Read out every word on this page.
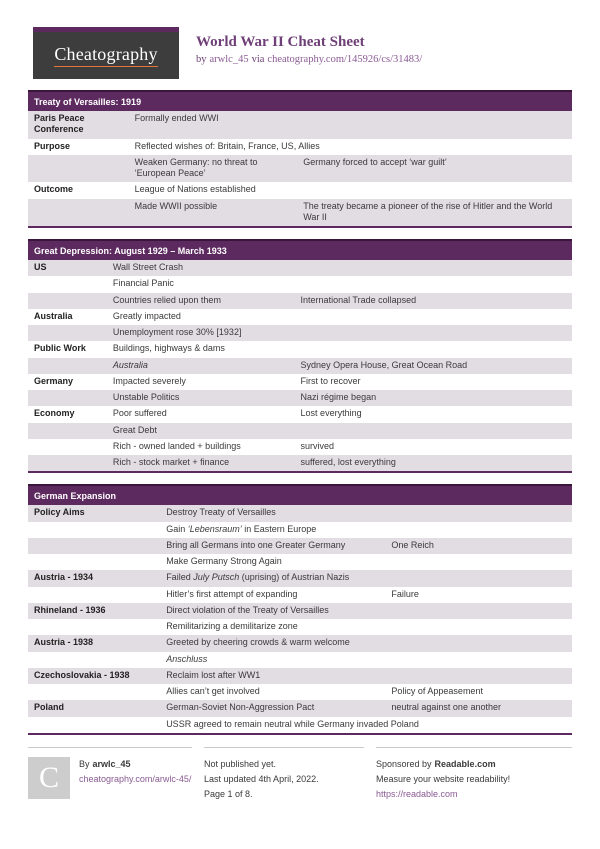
Cheatography
World War II Cheat Sheet
by arwlc_45 via cheatography.com/145926/cs/31483/
Treaty of Versailles: 1919		
Paris Peace Conference	Formally ended WWI	
Purpose	Reflected wishes of: Britain, France, US, Allies	
	Weaken Germany: no threat to ‘European Peace’	Germany forced to accept ‘war guilt’
Outcome	League of Nations established	
	Made WWII possible	The treaty became a pioneer of the rise of Hitler and the World War II
Great Depression: August 1929 – March 1933		
US	Wall Street Crash	
	Financial Panic	
	Countries relied upon them	International Trade collapsed
Australia	Greatly impacted	
	Unemployment rose 30% [1932]	
Public Work	Buildings, highways & dams	
	Australia	Sydney Opera House, Great Ocean Road
Germany	Impacted severely	First to recover
	Unstable Politics	Nazi régime began
Economy	Poor suffered	Lost everything
	Great Debt	
	Rich - owned landed + buildings	survived
	Rich - stock market + finance	suffered, lost everything
German Expansion		
Policy Aims	Destroy Treaty of Versailles	
	Gain ‘Lebensraum’ in Eastern Europe	
	Bring all Germans into one Greater Germany	One Reich
	Make Germany Strong Again	
Austria - 1934	Failed July Putsch (uprising) of Austrian Nazis	
	Hitler’s first attempt of expanding	Failure
Rhineland - 1936	Direct violation of the Treaty of Versailles	
	Remilitarizing a demilitarize zone	
Austria - 1938	Greeted by cheering crowds & warm welcome	
	Anschluss	
Czechoslovakia - 1938	Reclaim lost after WW1	
	Allies can’t get involved	Policy of Appeasement
Poland	German-Soviet Non-Aggression Pact	neutral against one another
	USSR agreed to remain neutral while Germany invaded Poland	
C By arwlc_45
cheatography.com/arwlc-45/
Not published yet.
Last updated 4th April, 2022.
Page 1 of 8.
Sponsored by Readable.com
Measure your website readability!
https://readable.com
